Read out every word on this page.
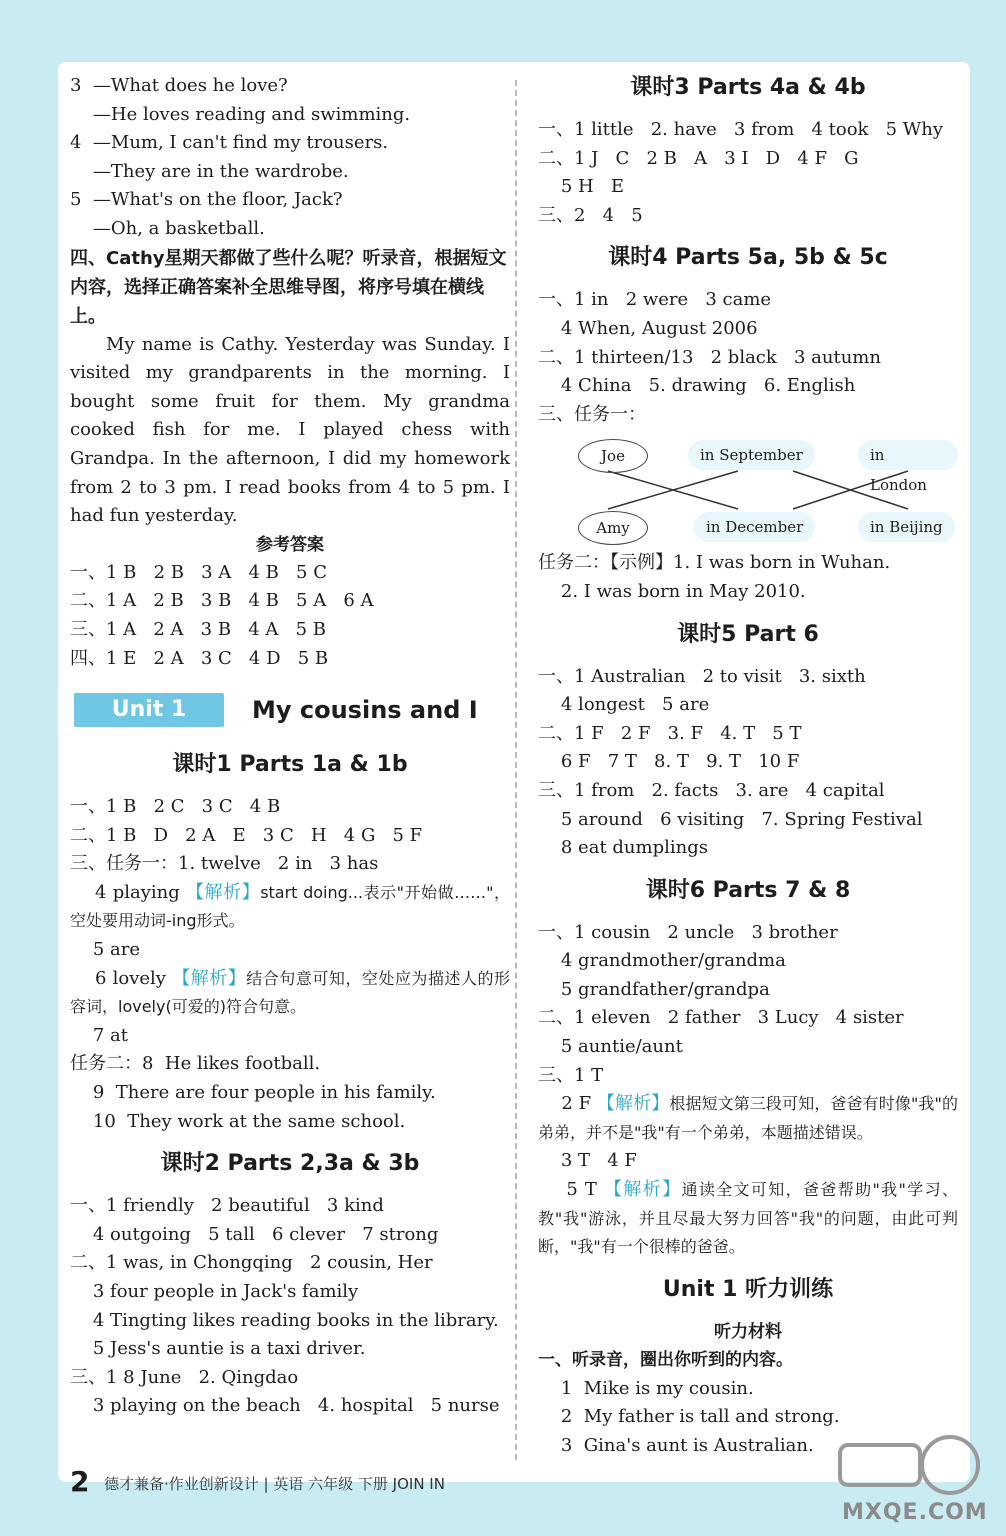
3  —What does he love?
—He loves reading and swimming.
4  —Mum, I can't find my trousers.
—They are in the wardrobe.
5  —What's on the floor, Jack?
—Oh, a basketball.
四、Cathy星期天都做了些什么呢？听录音，根据短文内容，选择正确答案补全思维导图，将序号填在横线上。
My name is Cathy. Yesterday was Sunday. I visited my grandparents in the morning. I bought some fruit for them. My grandma cooked fish for me. I played chess with Grandpa. In the afternoon, I did my homework from 2 to 3 pm. I read books from 4 to 5 pm. I had fun yesterday.
参考答案
一、1 B   2 B   3 A   4 B   5 C
二、1 A   2 B   3 B   4 B   5 A   6 A
三、1 A   2 A   3 B   4 A   5 B
四、1 E   2 A   3 C   4 D   5 B
Unit 1	My cousins and I
课时1 Parts 1a & 1b
一、1 B   2 C   3 C   4 B
二、1 B   D   2 A   E   3 C   H   4 G   5 F
三、任务一：1. twelve   2 in   3 has
4 playing 【解析】start doing...表示"开始做……"，空处要用动词-ing形式。
5 are
6 lovely 【解析】结合句意可知，空处应为描述人的形容词，lovely(可爱的)符合句意。
7 at
任务二：8  He likes football.
9  There are four people in his family.
10  They work at the same school.
课时2 Parts 2,3a & 3b
一、1 friendly   2 beautiful   3 kind
4 outgoing   5 tall   6 clever   7 strong
二、1 was, in Chongqing   2 cousin, Her
3 four people in Jack's family
4 Tingting likes reading books in the library.
5 Jess's auntie is a taxi driver.
三、1 8 June   2. Qingdao
3 playing on the beach   4. hospital   5 nurse
课时3 Parts 4a & 4b
一、1 little   2. have   3 from   4 took   5 Why
二、1 J   C   2 B   A   3 I   D   4 F   G
5 H   E
三、2   4   5
课时4 Parts 5a, 5b & 5c
一、1 in   2 were   3 came
4 When, August 2006
二、1 thirteen/13   2 black   3 autumn
4 China   5. drawing   6. English
三、任务一：
Joe
Amy
in September
in December
in London
in Beijing
任务二：【示例】1. I was born in Wuhan.
2. I was born in May 2010.
课时5 Part 6
一、1 Australian   2 to visit   3. sixth
4 longest   5 are
二、1 F   2 F   3. F   4. T   5 T
6 F   7 T   8. T   9. T   10 F
三、1 from   2. facts   3. are   4 capital
5 around   6 visiting   7. Spring Festival
8 eat dumplings
课时6 Parts 7 & 8
一、1 cousin   2 uncle   3 brother
4 grandmother/grandma
5 grandfather/grandpa
二、1 eleven   2 father   3 Lucy   4 sister
5 auntie/aunt
三、1 T
2 F 【解析】根据短文第三段可知，爸爸有时像"我"的弟弟，并不是"我"有一个弟弟，本题描述错误。
3 T   4 F
5 T 【解析】通读全文可知，爸爸帮助"我"学习、教"我"游泳，并且尽最大努力回答"我"的问题，由此可判断，"我"有一个很棒的爸爸。
Unit 1 听力训练
听力材料
一、听录音，圈出你听到的内容。
1  Mike is my cousin.
2  My father is tall and strong.
3  Gina's aunt is Australian.
2 德才兼备·作业创新设计 | 英语 六年级 下册 JOIN IN
MXQE.COM
